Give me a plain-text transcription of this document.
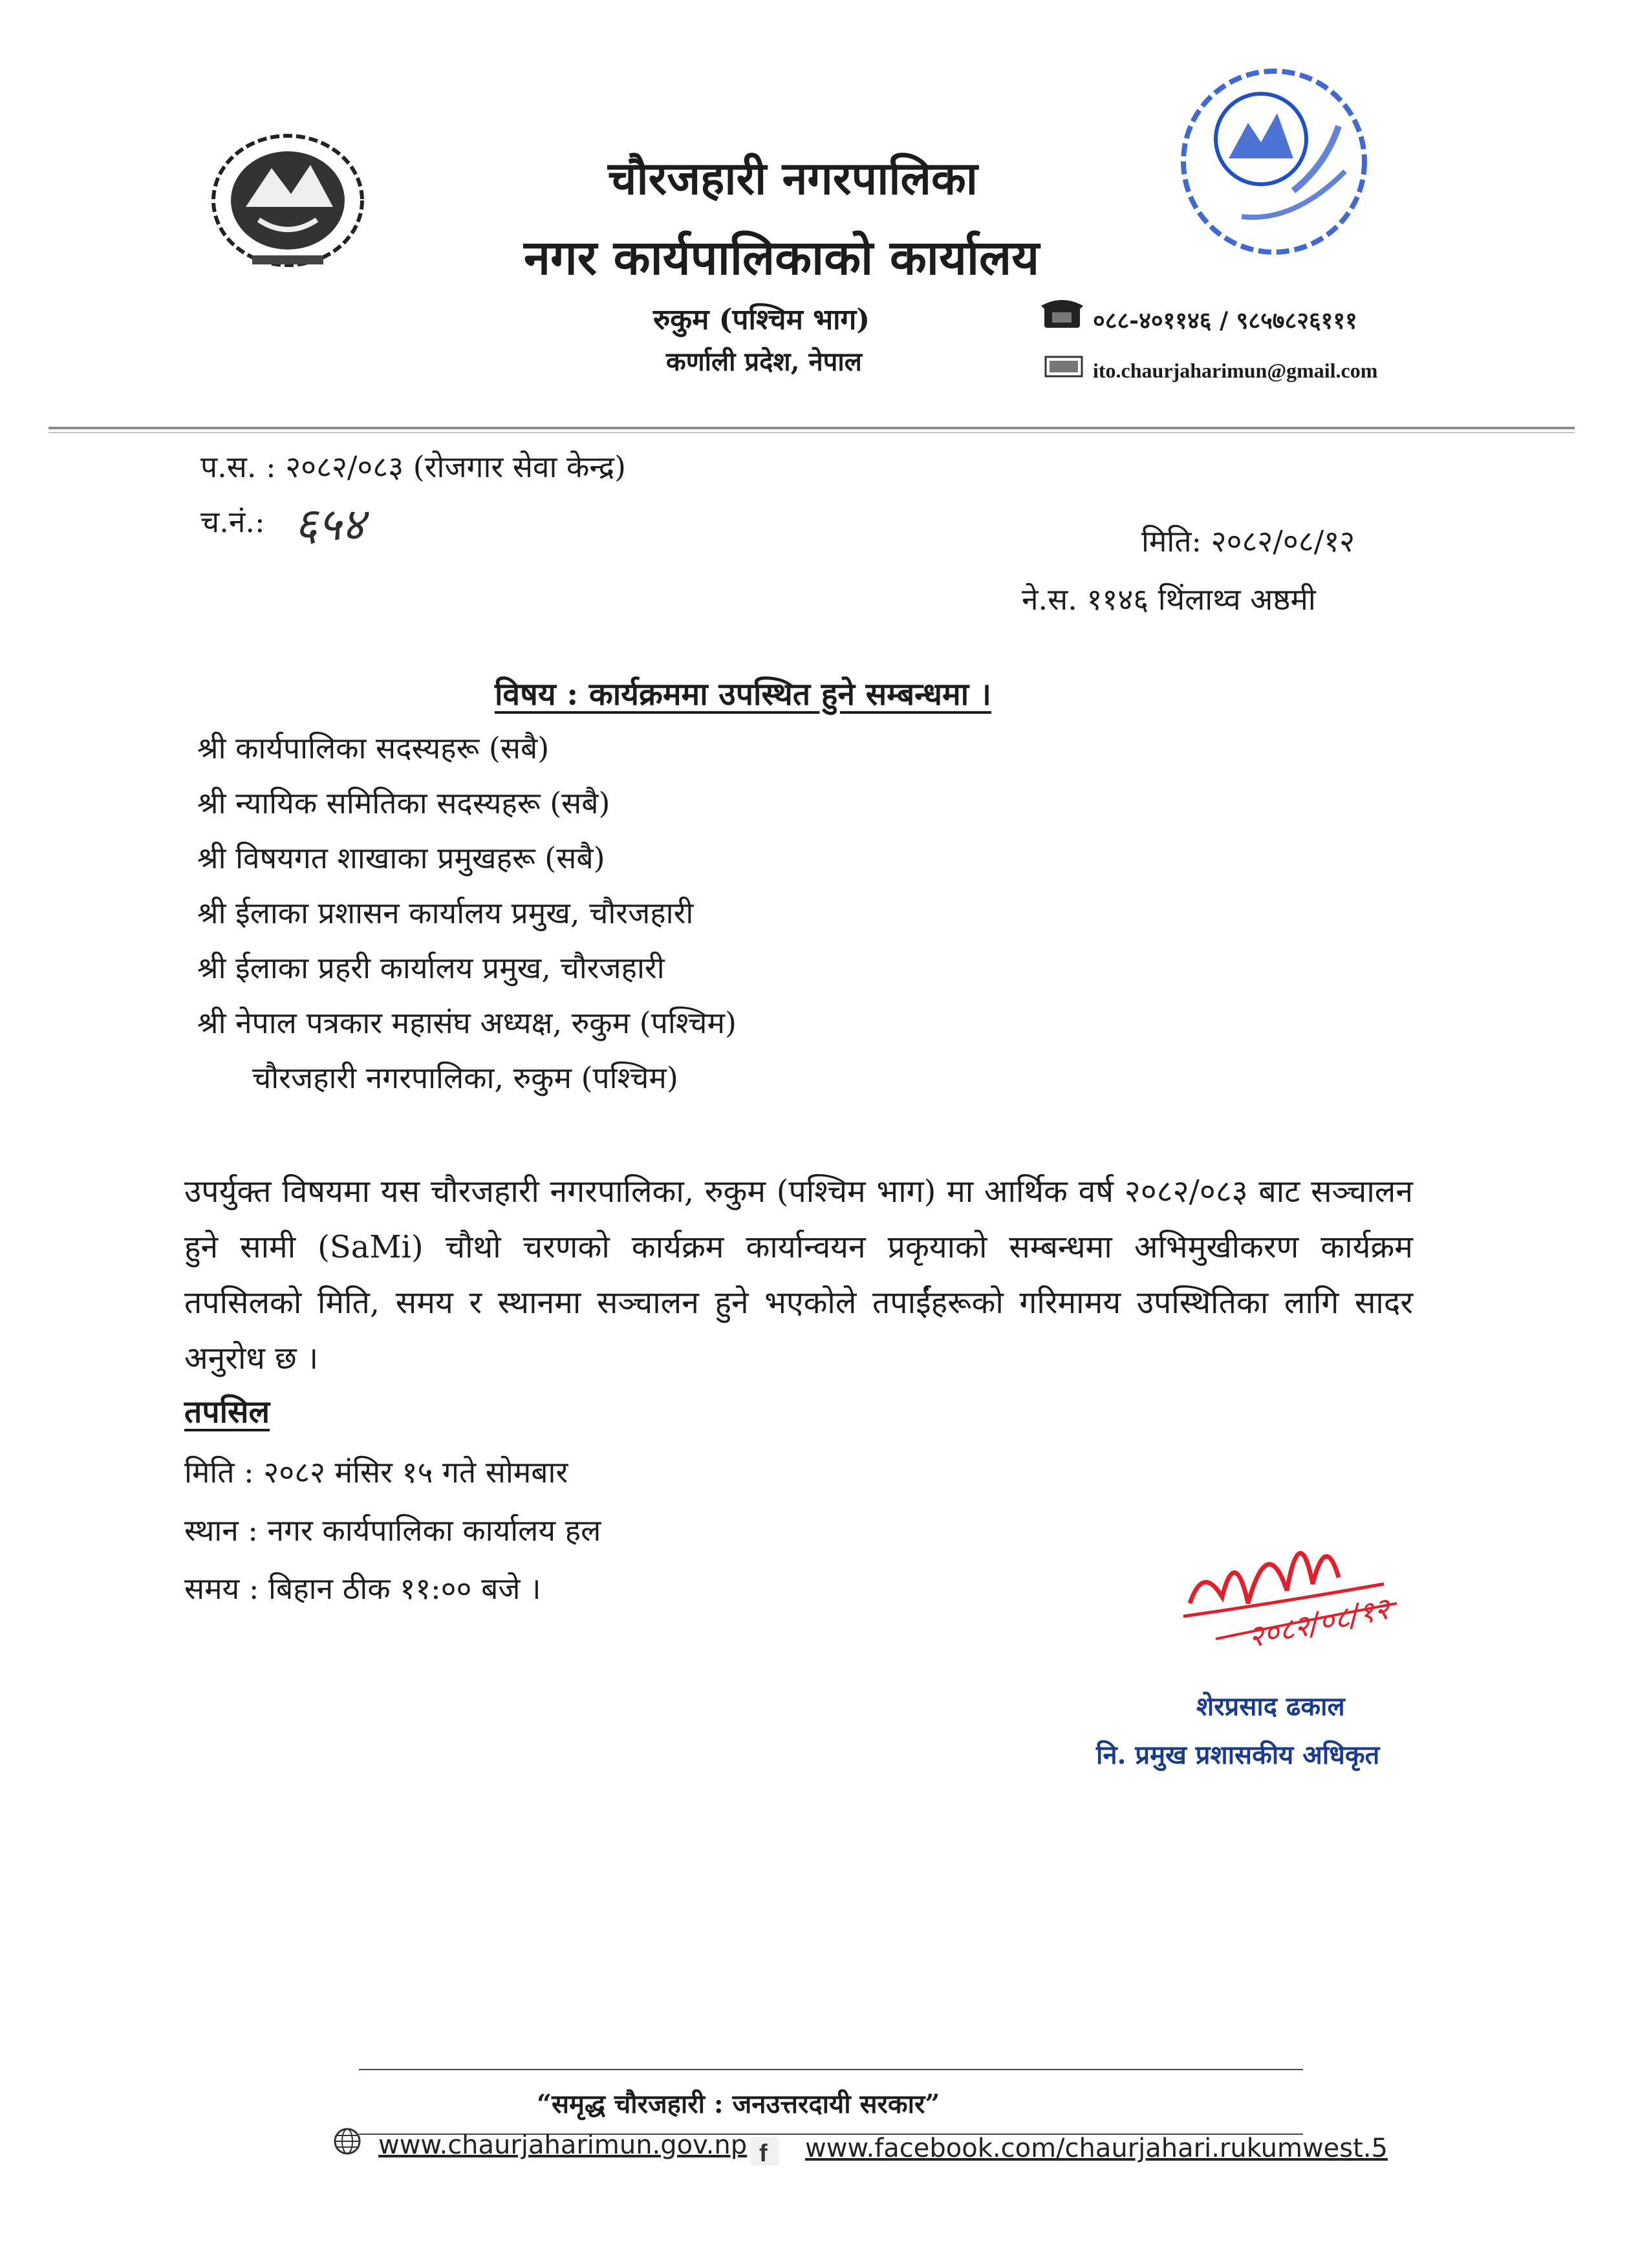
चौरजहारी नगरपालिका
नगर कार्यपालिकाको कार्यालय
रुकुम (पश्चिम भाग)
कर्णाली प्रदेश, नेपाल
०८८-४०११४६ / ९८५७८२६१११
ito.chaurjaharimun@gmail.com
प.स. : २०८२/०८३ (रोजगार सेवा केन्द्र)
च.नं.: ६५४	मिति: २०८२/०८/१२
ने.स. ११४६ थिंलाथ्व अष्ठमी
विषय : कार्यक्रममा उपस्थित हुने सम्बन्धमा ।
श्री कार्यपालिका सदस्यहरू (सबै)
श्री न्यायिक समितिका सदस्यहरू (सबै)
श्री विषयगत शाखाका प्रमुखहरू (सबै)
श्री ईलाका प्रशासन कार्यालय प्रमुख, चौरजहारी
श्री ईलाका प्रहरी कार्यालय प्रमुख, चौरजहारी
श्री नेपाल पत्रकार महासंघ अध्यक्ष, रुकुम (पश्चिम)
चौरजहारी नगरपालिका, रुकुम (पश्चिम)
उपर्युक्त विषयमा यस चौरजहारी नगरपालिका, रुकुम (पश्चिम भाग) मा आर्थिक वर्ष २०८२/०८३ बाट सञ्चालन हुने सामी (SaMi) चौथो चरणको कार्यक्रम कार्यान्वयन प्रकृयाको सम्बन्धमा अभिमुखीकरण कार्यक्रम तपसिलको मिति, समय र स्थानमा सञ्चालन हुने भएकोले तपाईंहरूको गरिमामय उपस्थितिका लागि सादर अनुरोध छ ।
तपसिल
मिति : २०८२ मंसिर १५ गते सोमबार
स्थान : नगर कार्यपालिका कार्यालय हल
समय : बिहान ठीक ११:०० बजे ।
२०८२/०८/१२
शेरप्रसाद ढकाल
नि. प्रमुख प्रशासकीय अधिकृत
“समृद्ध चौरजहारी : जनउत्तरदायी सरकार”
www.chaurjaharimun.gov.np f www.facebook.com/chaurjahari.rukumwest.5
